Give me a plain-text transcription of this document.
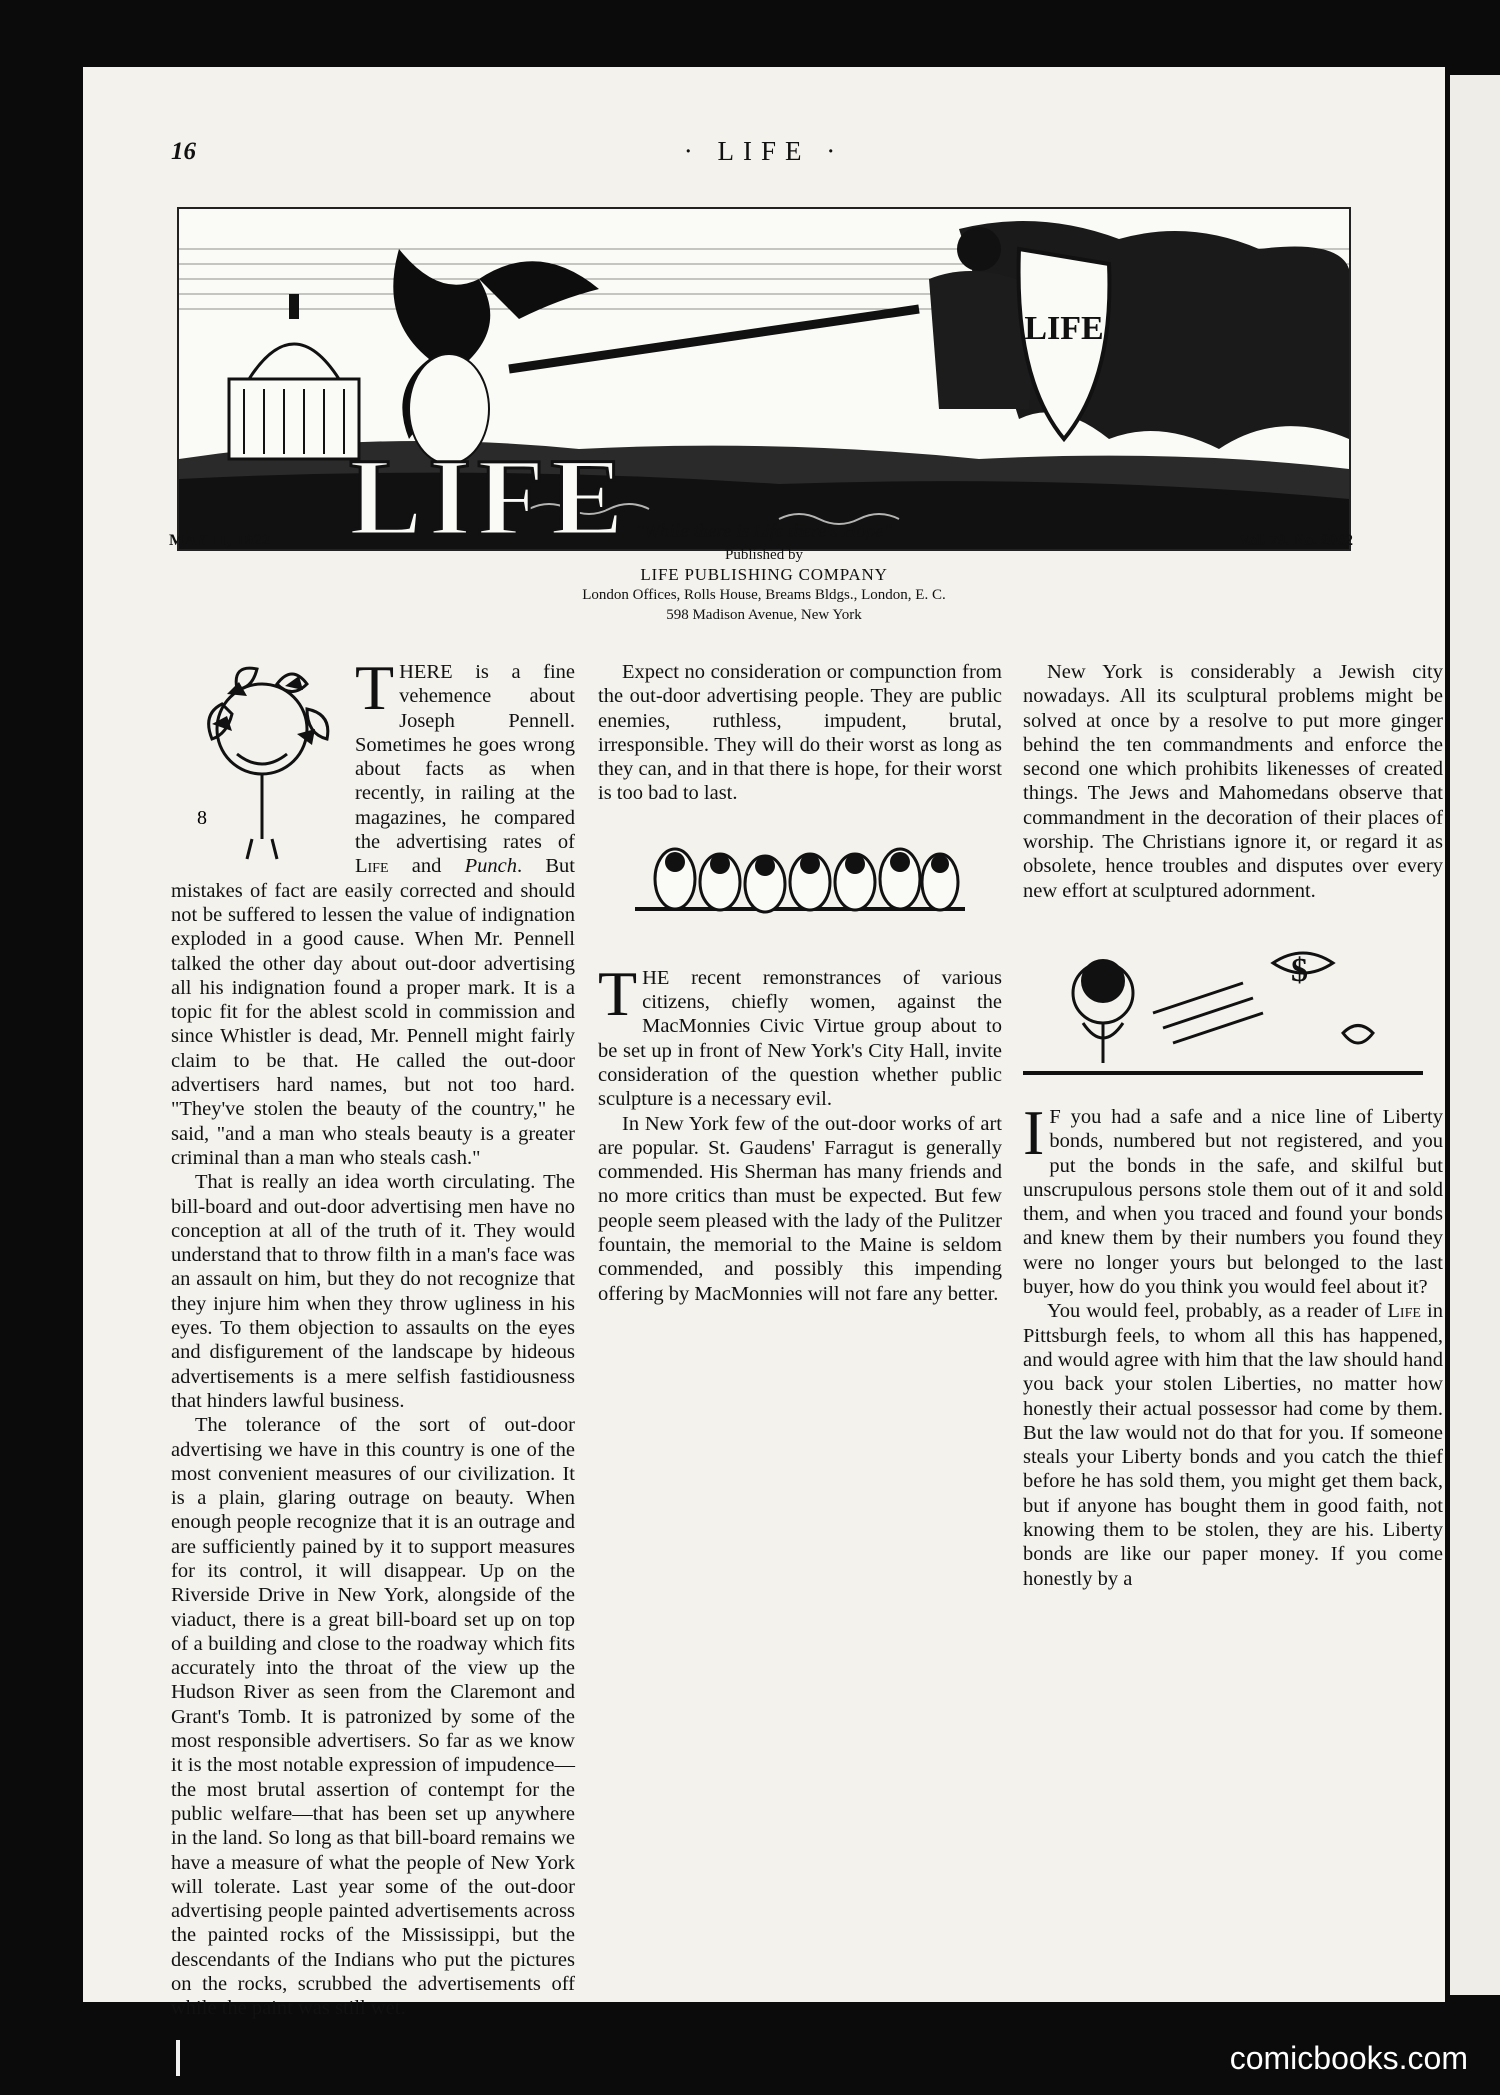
16	· LIFE ·
LIFE
LIFE
MAY 11, 1922	Vol. 79. No. 2062
"While there is Life there's Hope"
Published by
LIFE PUBLISHING COMPANY
London Offices, Rolls House, Breams Bldgs., London, E. C.
598 Madison Avenue, New York
8

THERE is a fine vehemence about Joseph Pennell. Sometimes he goes wrong about facts as when recently, in railing at the magazines, he compared the advertising rates of Life and Punch. But mistakes of fact are easily corrected and should not be suffered to lessen the value of indignation exploded in a good cause. When Mr. Pennell talked the other day about out-door advertising all his indignation found a proper mark. It is a topic fit for the ablest scold in commission and since Whistler is dead, Mr. Pennell might fairly claim to be that. He called the out-door advertisers hard names, but not too hard. "They've stolen the beauty of the country," he said, "and a man who steals beauty is a greater criminal than a man who steals cash."

That is really an idea worth circulating. The bill-board and out-door advertising men have no conception at all of the truth of it. They would understand that to throw filth in a man's face was an assault on him, but they do not recognize that they injure him when they throw ugliness in his eyes. To them objection to assaults on the eyes and disfigurement of the landscape by hideous advertisements is a mere selfish fastidiousness that hinders lawful business.

The tolerance of the sort of out-door advertising we have in this country is one of the most convenient measures of our civilization. It is a plain, glaring outrage on beauty. When enough people recognize that it is an outrage and are sufficiently pained by it to support measures for its control, it will disappear. Up on the Riverside Drive in New York, alongside of the viaduct, there is a great bill-board set up on top of a building and close to the roadway which fits accurately into the throat of the view up the Hudson River as seen from the Claremont and Grant's Tomb. It is patronized by some of the most responsible advertisers. So far as we know it is the most notable expression of impudence—the most brutal assertion of contempt for the public welfare—that has been set up anywhere in the land. So long as that bill-board remains we have a measure of what the people of New York will tolerate. Last year some of the out-door advertising people painted advertisements across the painted rocks of the Mississippi, but the descendants of the Indians who put the pictures on the rocks, scrubbed the advertisements off while the paint was still wet.

Expect no consideration or compunction from the out-door advertising people. They are public enemies, ruthless, impudent, brutal, irresponsible. They will do their worst as long as they can, and in that there is hope, for their worst is too bad to last.

THE recent remonstrances of various citizens, chiefly women, against the MacMonnies Civic Virtue group about to be set up in front of New York's City Hall, invite consideration of the question whether public sculpture is a necessary evil.

In New York few of the out-door works of art are popular. St. Gaudens' Farragut is generally commended. His Sherman has many friends and no more critics than must be expected. But few people seem pleased with the lady of the Pulitzer fountain, the memorial to the Maine is seldom commended, and possibly this impending offering by MacMonnies will not fare any better.

New York is considerably a Jewish city nowadays. All its sculptural problems might be solved at once by a resolve to put more ginger behind the ten commandments and enforce the second one which prohibits likenesses of created things. The Jews and Mahomedans observe that commandment in the decoration of their places of worship. The Christians ignore it, or regard it as obsolete, hence troubles and disputes over every new effort at sculptured adornment.

$

I F you had a safe and a nice line of Liberty bonds, numbered but not registered, and you put the bonds in the safe, and skilful but unscrupulous persons stole them out of it and sold them, and when you traced and found your bonds and knew them by their numbers you found they were no longer yours but belonged to the last buyer, how do you think you would feel about it?

You would feel, probably, as a reader of Life in Pittsburgh feels, to whom all this has happened, and would agree with him that the law should hand you back your stolen Liberties, no matter how honestly their actual possessor had come by them. But the law would not do that for you. If someone steals your Liberty bonds and you catch the thief before he has sold them, you might get them back, but if anyone has bought them in good faith, not knowing them to be stolen, they are his. Liberty bonds are like our paper money. If you come honestly by a

comicbooks.com
